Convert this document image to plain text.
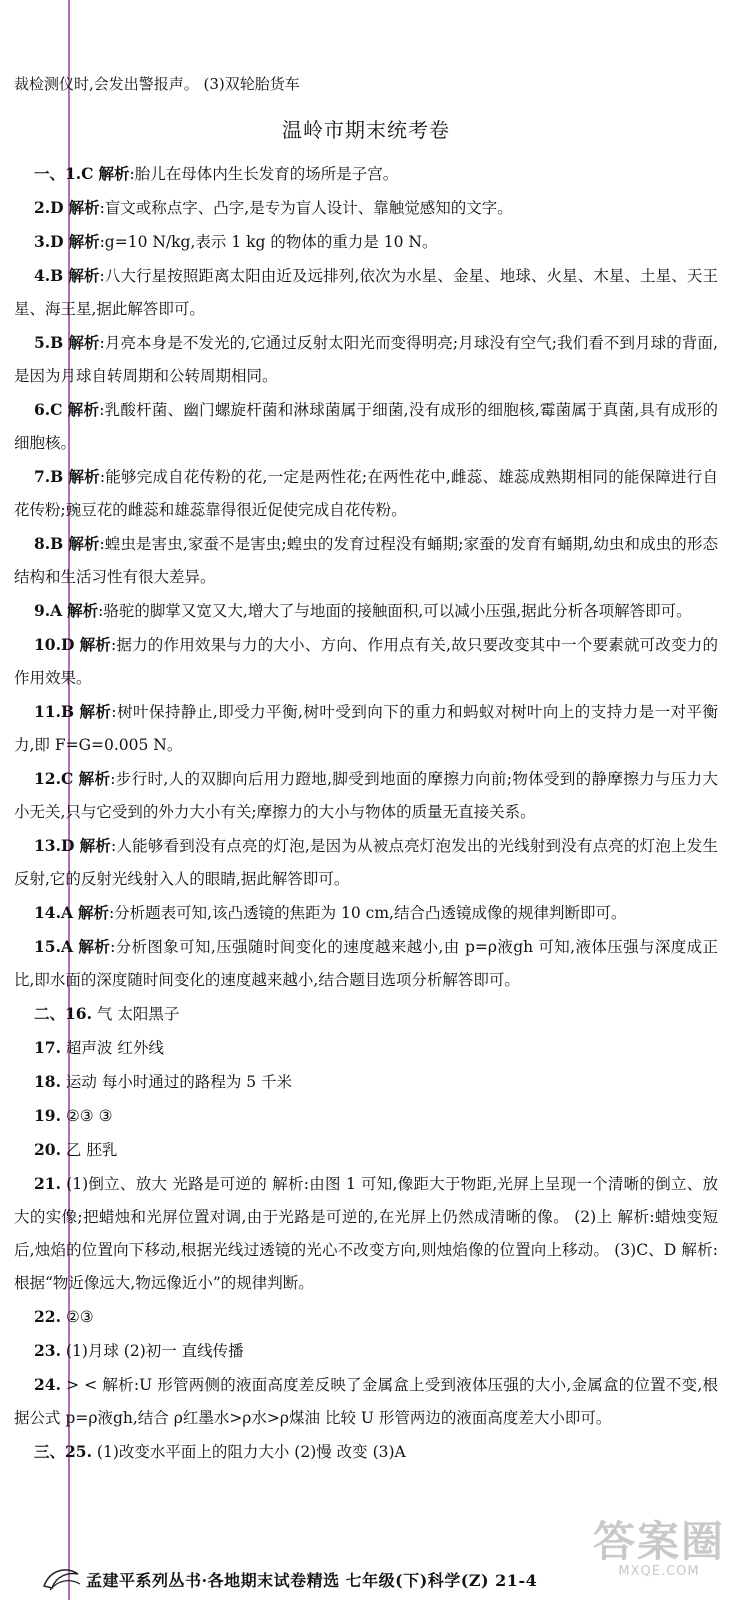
裁检测仪时,会发出警报声。 (3)双轮胎货车
温岭市期末统考卷
一、1.C 解析:胎儿在母体内生长发育的场所是子宫。
2.D 解析:盲文或称点字、凸字,是专为盲人设计、靠触觉感知的文字。
3.D 解析:g=10 N/kg,表示 1 kg 的物体的重力是 10 N。
4.B 解析:八大行星按照距离太阳由近及远排列,依次为水星、金星、地球、火星、木星、土星、天王星、海王星,据此解答即可。
5.B 解析:月亮本身是不发光的,它通过反射太阳光而变得明亮;月球没有空气;我们看不到月球的背面,是因为月球自转周期和公转周期相同。
6.C 解析:乳酸杆菌、幽门螺旋杆菌和淋球菌属于细菌,没有成形的细胞核,霉菌属于真菌,具有成形的细胞核。
7.B 解析:能够完成自花传粉的花,一定是两性花;在两性花中,雌蕊、雄蕊成熟期相同的能保障进行自花传粉;豌豆花的雌蕊和雄蕊靠得很近促使完成自花传粉。
8.B 解析:蝗虫是害虫,家蚕不是害虫;蝗虫的发育过程没有蛹期;家蚕的发育有蛹期,幼虫和成虫的形态结构和生活习性有很大差异。
9.A 解析:骆驼的脚掌又宽又大,增大了与地面的接触面积,可以减小压强,据此分析各项解答即可。
10.D 解析:据力的作用效果与力的大小、方向、作用点有关,故只要改变其中一个要素就可改变力的作用效果。
11.B 解析:树叶保持静止,即受力平衡,树叶受到向下的重力和蚂蚁对树叶向上的支持力是一对平衡力,即 F=G=0.005 N。
12.C 解析:步行时,人的双脚向后用力蹬地,脚受到地面的摩擦力向前;物体受到的静摩擦力与压力大小无关,只与它受到的外力大小有关;摩擦力的大小与物体的质量无直接关系。
13.D 解析:人能够看到没有点亮的灯泡,是因为从被点亮灯泡发出的光线射到没有点亮的灯泡上发生反射,它的反射光线射入人的眼睛,据此解答即可。
14.A 解析:分析题表可知,该凸透镜的焦距为 10 cm,结合凸透镜成像的规律判断即可。
15.A 解析:分析图象可知,压强随时间变化的速度越来越小,由 p=ρ液gh 可知,液体压强与深度成正比,即水面的深度随时间变化的速度越来越小,结合题目选项分析解答即可。
二、16. 气 太阳黑子
17. 超声波 红外线
18. 运动 每小时通过的路程为 5 千米
19. ②③ ③
20. 乙 胚乳
21. (1)倒立、放大 光路是可逆的 解析:由图 1 可知,像距大于物距,光屏上呈现一个清晰的倒立、放大的实像;把蜡烛和光屏位置对调,由于光路是可逆的,在光屏上仍然成清晰的像。 (2)上 解析:蜡烛变短后,烛焰的位置向下移动,根据光线过透镜的光心不改变方向,则烛焰像的位置向上移动。 (3)C、D 解析:根据“物近像远大,物远像近小”的规律判断。
22. ②③
23. (1)月球 (2)初一 直线传播
24. > < 解析:U 形管两侧的液面高度差反映了金属盒上受到液体压强的大小,金属盒的位置不变,根据公式 p=ρ液gh,结合 ρ红墨水>ρ水>ρ煤油 比较 U 形管两边的液面高度差大小即可。
三、25. (1)改变水平面上的阻力大小 (2)慢 改变 (3)A
孟建平系列丛书·各地期末试卷精选 七年级(下)科学(Z) 21-4
答案圈
MXQE.COM
